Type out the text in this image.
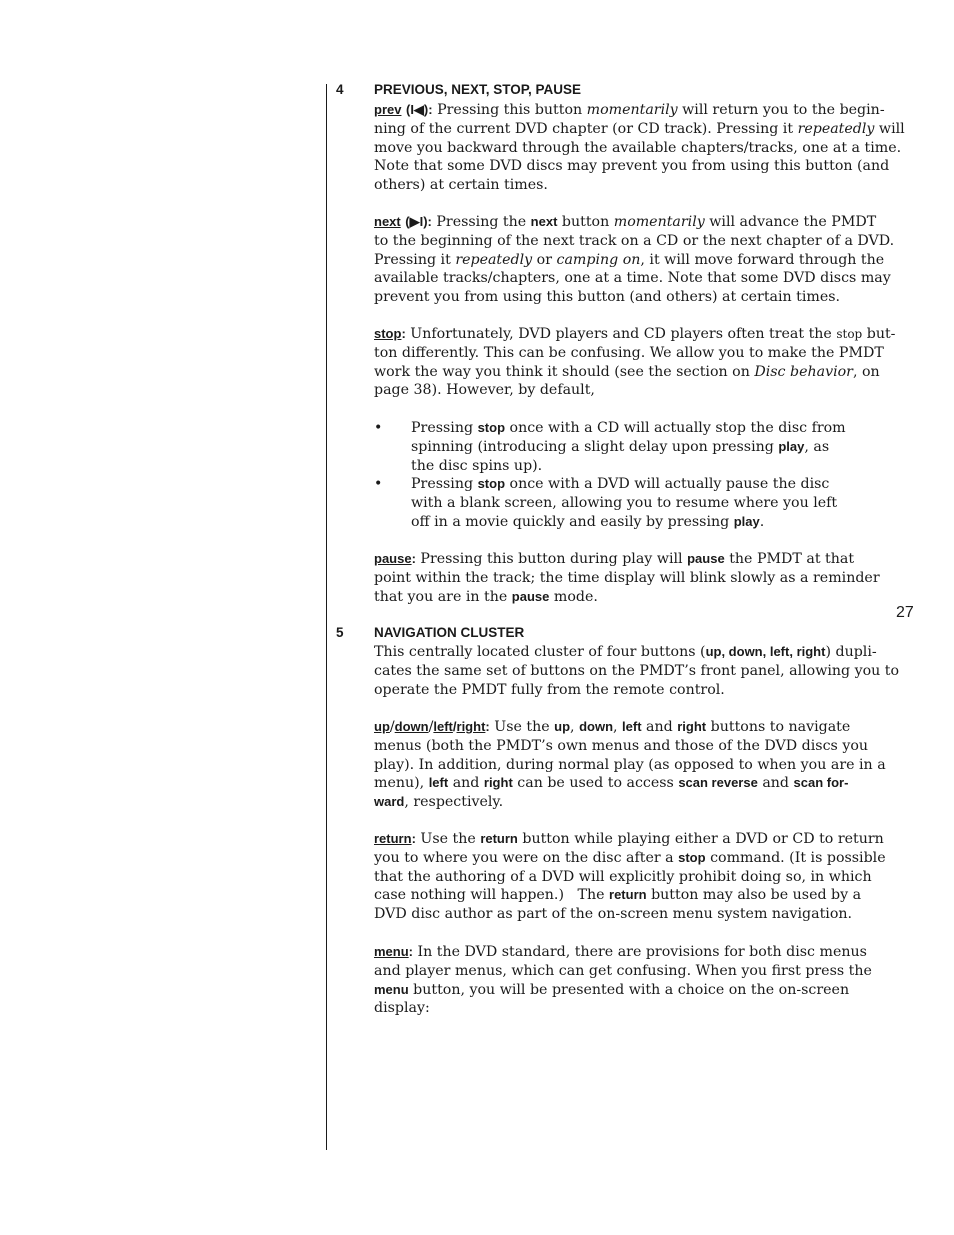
27
4 PREVIOUS, NEXT, STOP, PAUSE
prev (I◀): Pressing this button momentarily will return you to the begin-
ning of the current DVD chapter (or CD track). Pressing it repeatedly will
move you backward through the available chapters/tracks, one at a time.
Note that some DVD discs may prevent you from using this button (and
others) at certain times.
next (▶I): Pressing the next button momentarily will advance the PMDT
to the beginning of the next track on a CD or the next chapter of a DVD.
Pressing it repeatedly or camping on, it will move forward through the
available tracks/chapters, one at a time. Note that some DVD discs may
prevent you from using this button (and others) at certain times.
stop: Unfortunately, DVD players and CD players often treat the stop but-
ton differently. This can be confusing. We allow you to make the PMDT
work the way you think it should (see the section on Disc behavior, on
page 38). However, by default,
• Pressing stop once with a CD will actually stop the disc from
spinning (introducing a slight delay upon pressing play, as
the disc spins up).
• Pressing stop once with a DVD will actually pause the disc
with a blank screen, allowing you to resume where you left
off in a movie quickly and easily by pressing play.
pause: Pressing this button during play will pause the PMDT at that
point within the track; the time display will blink slowly as a reminder
that you are in the pause mode.
5 NAVIGATION CLUSTER
This centrally located cluster of four buttons (up, down, left, right) dupli-
cates the same set of buttons on the PMDT’s front panel, allowing you to
operate the PMDT fully from the remote control.
up/down/left/right: Use the up, down, left and right buttons to navigate
menus (both the PMDT’s own menus and those of the DVD discs you
play). In addition, during normal play (as opposed to when you are in a
menu), left and right can be used to access scan reverse and scan for-
ward, respectively.
return: Use the return button while playing either a DVD or CD to return
you to where you were on the disc after a stop command. (It is possible
that the authoring of a DVD will explicitly prohibit doing so, in which
case nothing will happen.)   The return button may also be used by a
DVD disc author as part of the on-screen menu system navigation.
menu: In the DVD standard, there are provisions for both disc menus
and player menus, which can get confusing. When you first press the
menu button, you will be presented with a choice on the on-screen
display:
